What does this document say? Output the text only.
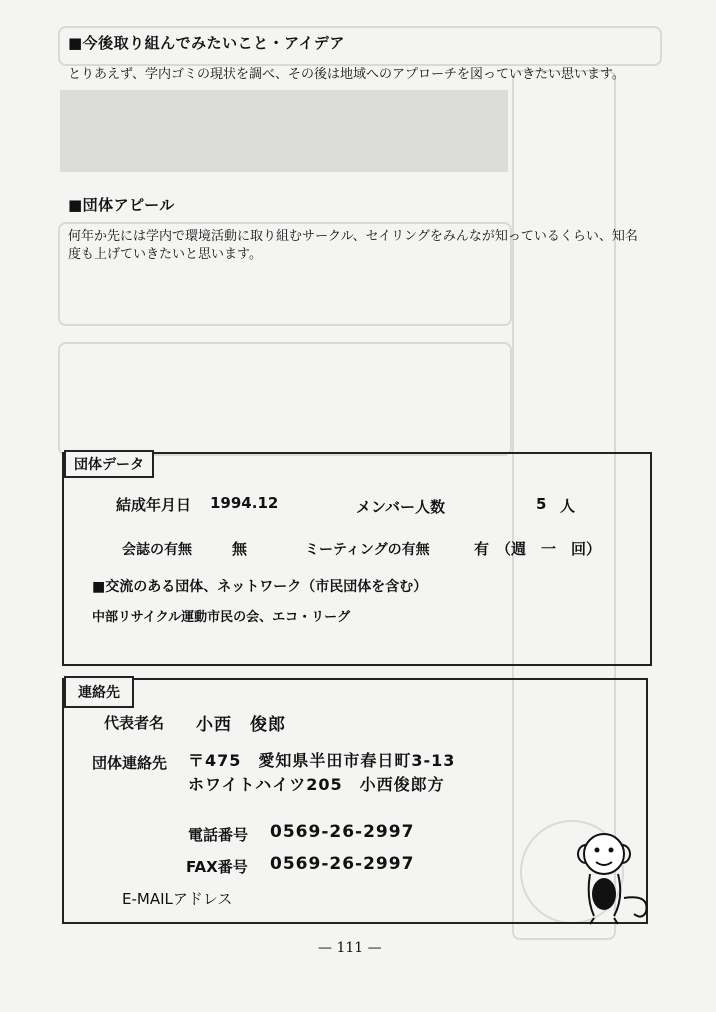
■今後取り組んでみたいこと・アイデア
とりあえず、学内ゴミの現状を調べ、その後は地域へのアプローチを図っていきたい思います。
■団体アピール
何年か先には学内で環境活動に取り組むサークル、セイリングをみんなが知っているくらい、知名度も上げていきたいと思います。
団体データ
結成年月日 1994.12	メンバー人数	5 人
会誌の有無	無	ミーティングの有無	有 （週　一　回）
■交流のある団体、ネットワーク（市民団体を含む）
中部リサイクル運動市民の会、エコ・リーグ
連絡先
代表者名 小西　俊郎
団体連絡先 〒475　愛知県半田市春日町3-13
ホワイトハイツ205　小西俊郎方
電話番号 0569-26-2997
FAX番号 0569-26-2997
E-MAILアドレス
— 111 —
